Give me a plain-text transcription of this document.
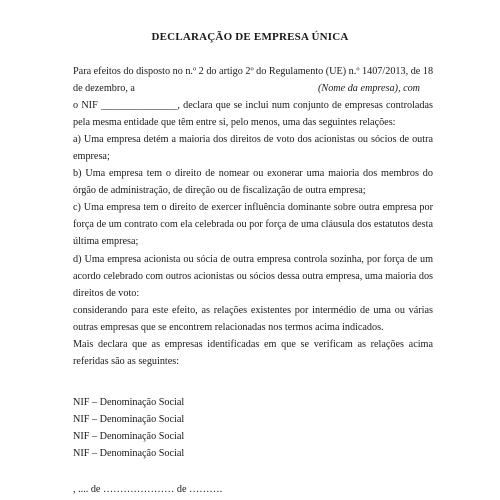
DECLARAÇÃO DE EMPRESA ÚNICA
Para efeitos do disposto no n.º 2 do artigo 2º do Regulamento (UE) n.º 1407/2013, de 18
de dezembro, a	(Nome da empresa), com
o NIF _______________, declara que se inclui num conjunto de empresas controladas
pela mesma entidade que têm entre si, pelo menos, uma das seguintes relações:
a) Uma empresa detém a maioria dos direitos de voto dos acionistas ou sócios de outra
empresa;
b) Uma empresa tem o direito de nomear ou exonerar uma maioria dos membros do
órgão de administração, de direção ou de fiscalização de outra empresa;
c) Uma empresa tem o direito de exercer influência dominante sobre outra empresa por
força de um contrato com ela celebrada ou por força de uma cláusula dos estatutos desta
última empresa;
d) Uma empresa acionista ou sócia de outra empresa controla sozinha, por força de um
acordo celebrado com outros acionistas ou sócios dessa outra empresa, uma maioria dos
direitos de voto:
considerando para este efeito, as relações existentes por intermédio de uma ou várias
outras empresas que se encontrem relacionadas nos termos acima indicados.
Mais declara que as empresas identificadas em que se verificam as relações acima
referidas são as seguintes:
NIF – Denominação Social
NIF – Denominação Social
NIF – Denominação Social
NIF – Denominação Social
, .... de ………………… de ……….
